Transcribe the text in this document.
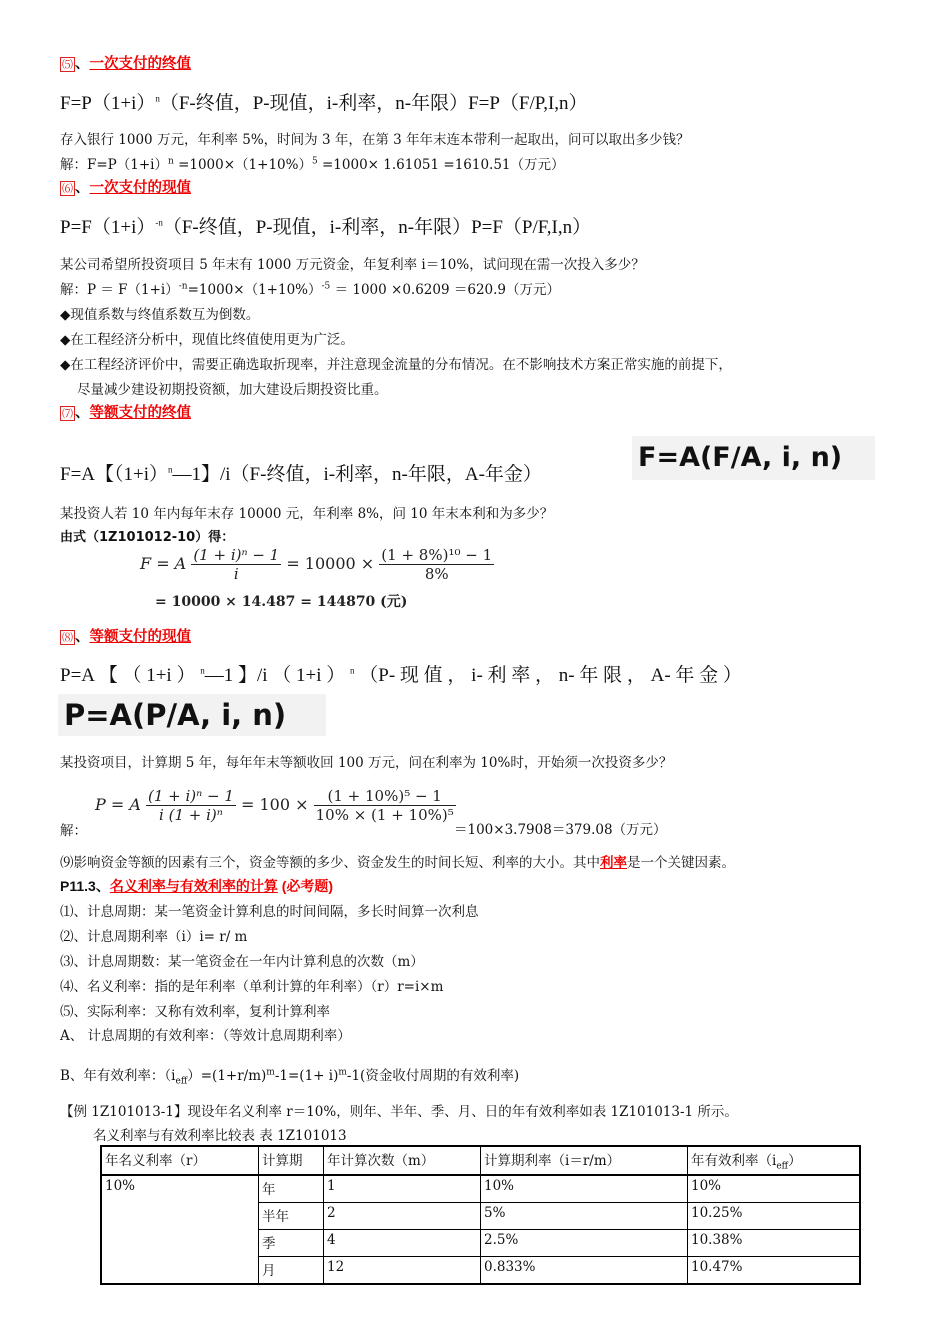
⑸ 、一次支付的终值
$F=P(1+i)^n(F-$终值，P-现值，i-利率，n-年限）F=P（F/P,I,n）
存入银行 1000 万元，年利率 5%，时间为 3 年，在第 3 年年末连本带利一起取出，问可以取出多少钱？
解：$F=P(1+i)^n =1000\times(1+10\%)^5 =1000\times 1.61051 =1610.51$（万元）
⑹ 、一次支付的现值
$P=F(1+i)^{-n}(F-$终值，P-现值，i-利率，n-年限）P=F（P/F,I,n）
某公司希望所投资项目 5 年末有 1000 万元资金，年复利率 i＝10%，试问现在需一次投入多少？
解：$P = F(1+i)^{-n}=1000\times(1+10\%)^{-5} = 1000 \times 0.6209 =620.9$（万元）
◆现值系数与终值系数互为倒数。
◆在工程经济分析中，现值比终值使用更为广泛。
◆在工程经济评价中，需要正确选取折现率，并注意现金流量的分布情况。在不影响技术方案正常实施的前提下，
尽量减少建设初期投资额，加大建设后期投资比重。
⑺ 、等额支付的终值
F=A【$(1+i)^n—1$】/i（F-终值，i-利率，n-年限，A-年金）
F=A(F/A, i, n)
某投资人若 10 年内每年末存 10000 元，年利率 8%，问 10 年末本利和为多少？
由式（1Z101012-10）得：
F = A $\frac{\text{(1 + i)ⁿ − 1}}{i} = 10000 \times \frac{\text{(1 + 8\%)¹⁰ − 1}}{8\%}$
= 10000 × 14.487 = 144870 (元)
⑻ 、等额支付的现值
P=A 【 （ 1+i ） $^n$—1 】/i （ 1+i ） $^n$ （P- 现 值 ， i- 利 率 ， n- 年 限 ， A- 年 金 ）
P=A(P/A, i, n)
某投资项目，计算期 5 年，每年年末等额收回 100 万元，问在利率为 10%时，开始须一次投资多少？
P = A $\frac{\text{(1 + i)ⁿ − 1}}{\text{i (1 + i)ⁿ}} = 100 \times \frac{\text{(1 + 10\%)⁵ − 1}}{\text{10\% × (1 + 10\%)⁵}}$
解：	＝100×3.7908＝379.08（万元）
⑼影响资金等额的因素有三个，资金等额的多少、资金发生的时间长短、利率的大小。其中利率是一个关键因素。
P11.3、名义利率与有效利率的计算 (必考题)
⑴、计息周期：某一笔资金计算利息的时间间隔，多长时间算一次利息
⑵、计息周期利率（i）i= r/ m
⑶、计息周期数：某一笔资金在一年内计算利息的次数（m）
⑷、名义利率：指的是年利率（单利计算的年利率）（r）r=i×m
⑸、实际利率：又称有效利率，复利计算利率
A、 计息周期的有效利率：（等效计息周期利率）
B、年有效利率：$(i_{eff})=(1+r/m)^m-1=(1+ i)^m-1$(资金收付周期的有效利率)
【例 1Z101013-1】现设年名义利率 r＝10%，则年、半年、季、月、日的年有效利率如表 1Z101013-1 所示。
名义利率与有效利率比较表 表 1Z101013
年名义利率（r）	计算期	年计算次数（m）	计算期利率（i＝r/m）	年有效利率$(i_{eff})$
10%	年	1	10%	10%
	半年	2	5%	10.25%
	季	4	2.5%	10.38%
	月	12	0.833%	10.47%
